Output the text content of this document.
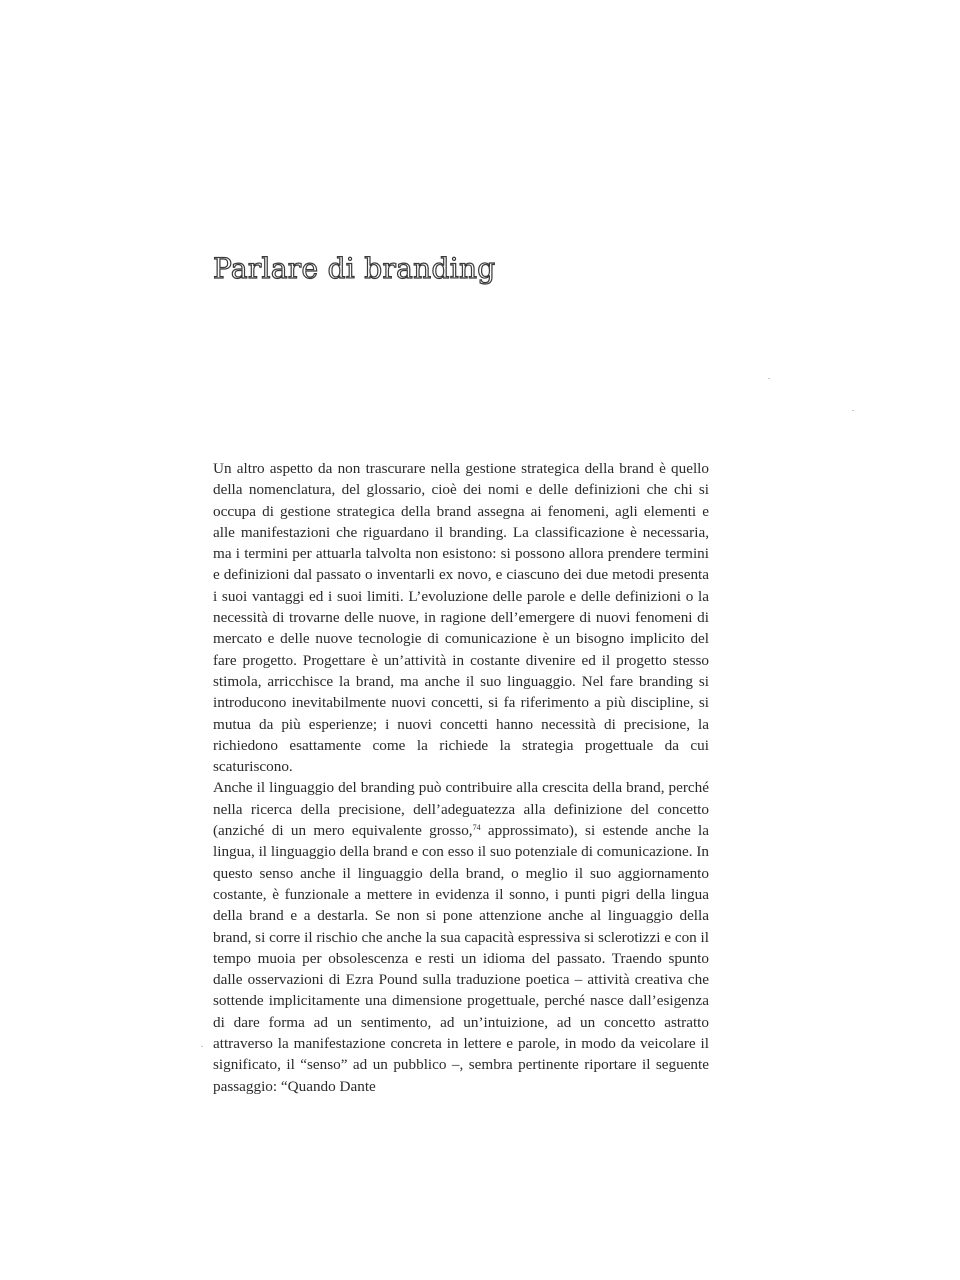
Parlare di branding

Un altro aspetto da non trascurare nella gestione strategica della brand è quello della nomenclatura, del glossario, cioè dei nomi e delle definizioni che chi si occupa di gestione strategica della brand assegna ai fenomeni, agli elementi e alle manifestazioni che riguardano il branding. La classificazione è necessaria, ma i termini per attuarla talvolta non esistono: si possono allora prendere termini e definizioni dal passato o inventarli ex novo, e ciascuno dei due metodi presenta i suoi vantaggi ed i suoi limiti. L’evoluzione delle parole e delle definizioni o la necessità di trovarne delle nuove, in ragione dell’emergere di nuovi fenomeni di mercato e delle nuove tecnologie di comunicazione è un bisogno implicito del fare progetto. Progettare è un’attività in costante divenire ed il progetto stesso stimola, arricchisce la brand, ma anche il suo linguaggio. Nel fare branding si introducono inevitabilmente nuovi concetti, si fa riferimento a più discipline, si mutua da più esperienze; i nuovi concetti hanno necessità di precisione, la richiedono esattamente come la richiede la strategia progettuale da cui scaturiscono.

Anche il linguaggio del branding può contribuire alla crescita della brand, perché nella ricerca della precisione, dell’adeguatezza alla definizione del concetto (anziché di un mero equivalente grosso,$^{74}$ approssimato), si estende anche la lingua, il linguaggio della brand e con esso il suo potenziale di comunicazione. In questo senso anche il linguaggio della brand, o meglio il suo aggiornamento costante, è funzionale a mettere in evidenza il sonno, i punti pigri della lingua della brand e a destarla. Se non si pone attenzione anche al linguaggio della brand, si corre il rischio che anche la sua capacità espressiva si sclerotizzi e con il tempo muoia per obsolescenza e resti un idioma del passato. Traendo spunto dalle osservazioni di Ezra Pound sulla traduzione poetica – attività creativa che sottende implicitamente una dimensione progettuale, perché nasce dall’esigenza di dare forma ad un sentimento, ad un’intuizione, ad un concetto astratto attraverso la manifestazione concreta in lettere e parole, in modo da veicolare il significato, il “senso” ad un pubblico –, sembra pertinente riportare il seguente passaggio: “Quando Dante
